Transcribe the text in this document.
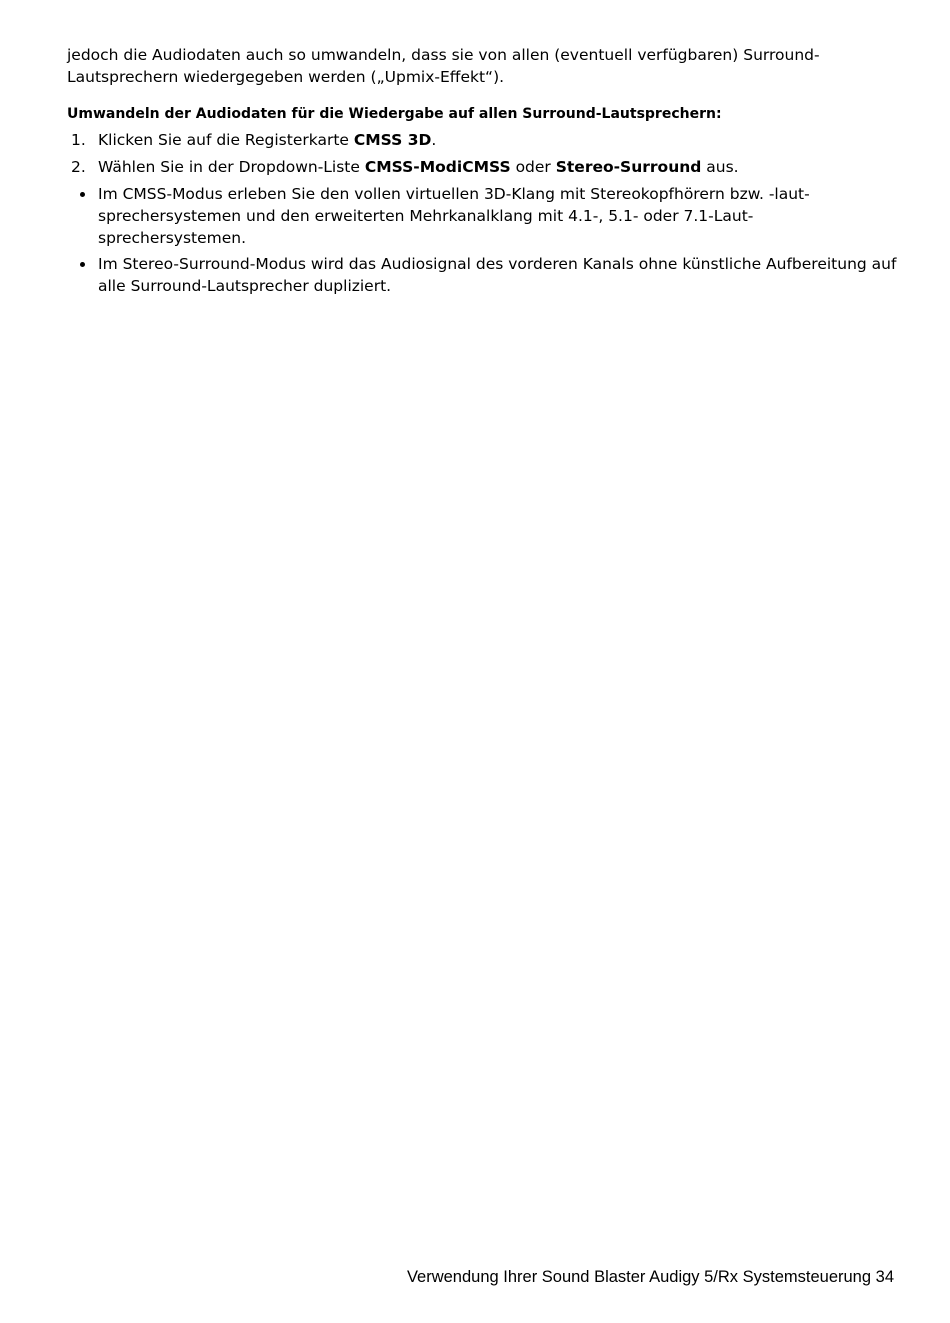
jedoch die Audiodaten auch so umwandeln, dass sie von allen (eventuell verfügbaren) Surround-Lautsprechern wiedergegeben werden („Upmix-Effekt“).

Umwandeln der Audiodaten für die Wiedergabe auf allen Surround-Lautsprechern:

1. Klicken Sie auf die Registerkarte CMSS 3D.
2. Wählen Sie in der Dropdown-Liste CMSS-ModiCMSS oder Stereo-Surround aus.
Im CMSS-Modus erleben Sie den vollen virtuellen 3D-Klang mit Stereokopfhörern bzw. -laut-sprechersystemen und den erweiterten Mehrkanalklang mit 4.1-, 5.1- oder 7.1-Laut-sprechersystemen.
Im Stereo-Surround-Modus wird das Audiosignal des vorderen Kanals ohne künstliche Aufbereitung auf alle Surround-Lautsprecher dupliziert.
Verwendung Ihrer Sound Blaster Audigy 5/Rx Systemsteuerung 34
